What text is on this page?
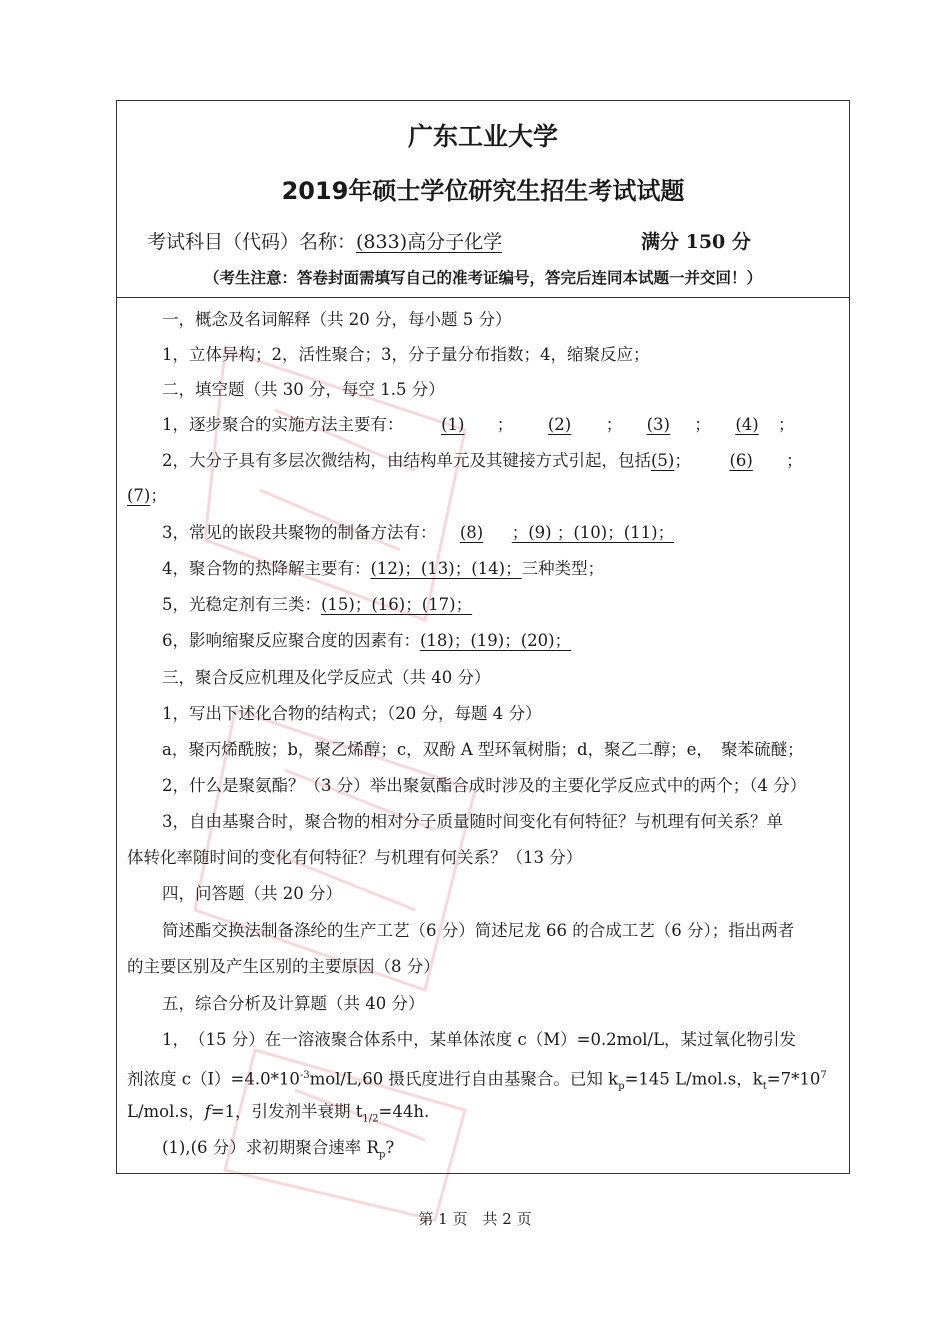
广东工业大学
2019年硕士学位研究生招生考试试题
考试科目（代码）名称：(833)高分子化学	满分 150 分
（考生注意：答卷封面需填写自己的准考证编号，答完后连同本试题一并交回！）
一，概念及名词解释（共 20 分，每小题 5 分）
1，立体异构；2，活性聚合；3，分子量分布指数；4，缩聚反应；
二，填空题（共 30 分，每空 1.5 分）
1，逐步聚合的实施方法主要有： (1) ； (2) ； (3) ； (4) ；
2，大分子具有多层次微结构，由结构单元及其键接方式引起，包括(5)； (6) ；
(7)；
3，常见的嵌段共聚物的制备方法有： (8) ；(9) ；(10)；(11)；
4，聚合物的热降解主要有：(12)；(13)；(14)；三种类型；
5，光稳定剂有三类：(15)；(16)；(17)；
6，影响缩聚反应聚合度的因素有：(18)；(19)；(20)；
三，聚合反应机理及化学反应式（共 40 分）
1，写出下述化合物的结构式；（20 分，每题 4 分）
a，聚丙烯酰胺；b，聚乙烯醇；c，双酚 A 型环氧树脂；d，聚乙二醇；e，　聚苯硫醚；
2，什么是聚氨酯？（3 分）举出聚氨酯合成时涉及的主要化学反应式中的两个；（4 分）
3，自由基聚合时，聚合物的相对分子质量随时间变化有何特征？与机理有何关系？单
体转化率随时间的变化有何特征？与机理有何关系？（13 分）
四，问答题（共 20 分）
简述酯交换法制备涤纶的生产工艺（6 分）简述尼龙 66 的合成工艺（6 分）；指出两者
的主要区别及产生区别的主要原因（8 分）
五，综合分析及计算题（共 40 分）
1，　（15 分）在一溶液聚合体系中，某单体浓度 c（M）=0.2mol/L，某过氧化物引发
剂浓度 $c(I)=4.0*10^{-3}mol/L,60$ 摄氏度进行自由基聚合。已知 $k_p=145$ L/mol.s，$k_t=7*10^7$
L/mol.s，f=1，引发剂半衰期 $t_{1/2}=44h$.
(1),(6 分）求初期聚合速率 $R_p$?
第 1 页　共 2 页
